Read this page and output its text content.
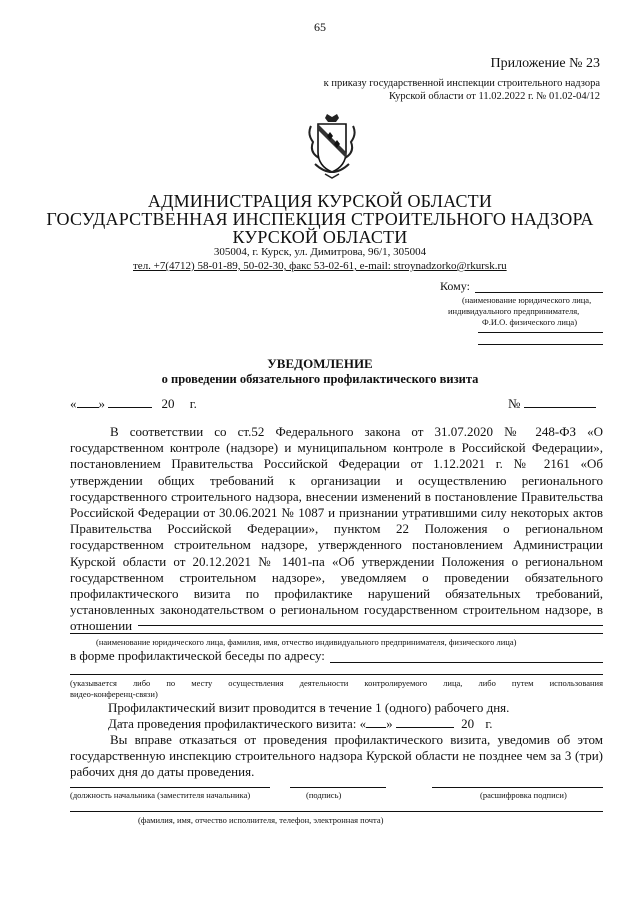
65
Приложение № 23
к приказу государственной инспекции строительного надзора
Курской области от 11.02.2022 г. № 01.02-04/12
АДМИНИСТРАЦИЯ КУРСКОЙ ОБЛАСТИ
ГОСУДАРСТВЕННАЯ ИНСПЕКЦИЯ СТРОИТЕЛЬНОГО НАДЗОРА
КУРСКОЙ ОБЛАСТИ
305004, г. Курск, ул. Димитрова, 96/1, 305004
тел. +7(4712) 58-01-89, 50-02-30, факс 53-02-61, e-mail: stroynadzorko@rkursk.ru
Кому:
(наименование юридического лица,
индивидуального предпринимателя,
Ф.И.О. физического лица)
УВЕДОМЛЕНИЕ
о проведении обязательного профилактического визита
« »	20 г.	№

В соответствии со ст.52 Федерального закона от 31.07.2020 № 248-ФЗ «О государственном контроле (надзоре) и муниципальном контроле в Российской Федерации», постановлением Правительства Российской Федерации от 1.12.2021 г. № 2161 «Об утверждении общих требований к организации и осуществлению регионального государственного строительного надзора, внесении изменений в постановление Правительства Российской Федерации от 30.06.2021 № 1087 и признании утратившими силу некоторых актов Правительства Российской Федерации», пунктом 22 Положения о региональном государственном строительном надзоре, утвержденного постановлением Администрации Курской области от 20.12.2021 № 1401-па «Об утверждении Положения о региональном государственном строительном надзоре», уведомляем о проведении обязательного профилактического визита по профилактике нарушений обязательных требований, установленных законодательством о региональном государственном строительном надзоре, в отношении

(наименование юридического лица, фамилия, имя, отчество индивидуального предпринимателя, физического лица)
в форме профилактической беседы по адресу:
(указывается либо по месту осуществления деятельности контролируемого лица, либо путем использования
видео-конференц-связи)
Профилактический визит проводится в течение 1 (одного) рабочего дня.
Дата проведения профилактического визита: « »	20 г.

Вы вправе отказаться от проведения профилактического визита, уведомив об этом государственную инспекцию строительного надзора Курской области не позднее чем за 3 (три) рабочих дня до даты проведения.

(должность начальника (заместителя начальника)	(подпись)	(расшифровка подписи)
(фамилия, имя, отчество исполнителя, телефон, электронная почта)
